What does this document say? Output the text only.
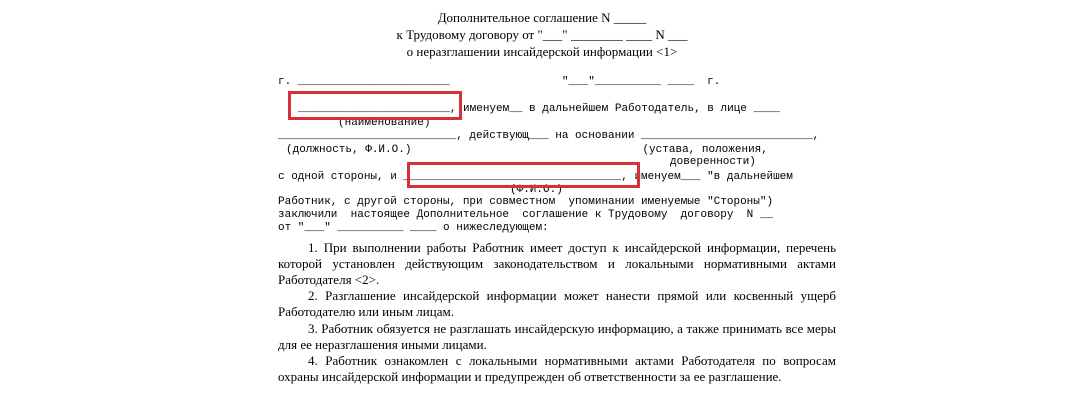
Дополнительное соглашение N _____
к Трудовому договору от "___" ________ ____ N ___
о неразглашении инсайдерской информации <1>
г. _______________________                 "___"__________ ____  г.
_______________________, именуем__ в дальнейшем Работодатель, в лице ____
(наименование)
___________________________, действующ___ на основании __________________________,
(должность, Ф.И.О.)                                   (устава, положения,
доверенности)
с одной стороны, и _________________________________, именуем___ "в дальнейшем
(Ф.И.О.)
Работник, с другой стороны, при совместном  упоминании именуемые "Стороны")
заключили  настоящее Дополнительное  соглашение к Трудовому  договору  N __
от "___" __________ ____ о нижеследующем:
1. При выполнении работы Работник имеет доступ к инсайдерской информации, перечень которой установлен действующим законодательством и локальными нормативными актами Работодателя <2>.
2. Разглашение инсайдерской информации может нанести прямой или косвенный ущерб Работодателю или иным лицам.
3. Работник обязуется не разглашать инсайдерскую информацию, а также принимать все меры для ее неразглашения иными лицами.
4. Работник ознакомлен с локальными нормативными актами Работодателя по вопросам охраны инсайдерской информации и предупрежден об ответственности за ее разглашение.
